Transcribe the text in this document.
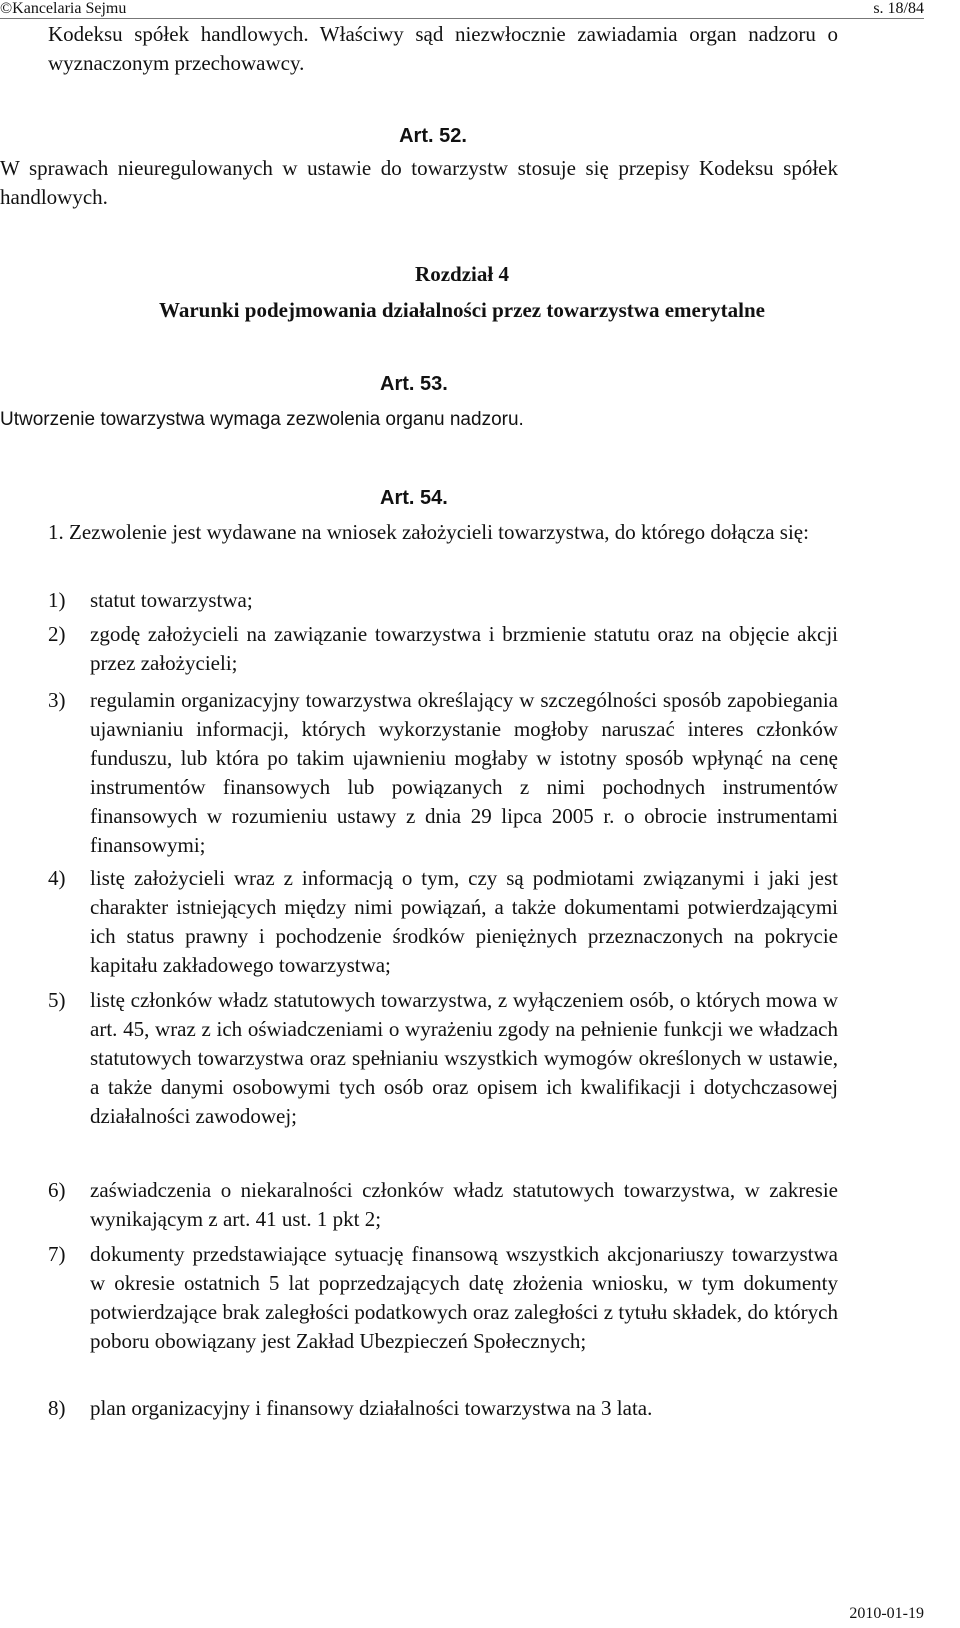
©Kancelaria Sejmu	s. 18/84

Kodeksu spółek handlowych. Właściwy sąd niezwłocznie zawiadamia organ nadzoru o wyznaczonym przechowawcy.

Art. 52.

W sprawach nieuregulowanych w ustawie do towarzystw stosuje się przepisy Kodeksu spółek handlowych.

Rozdział 4
Warunki podejmowania działalności przez towarzystwa emerytalne
Art. 53.

Utworzenie towarzystwa wymaga zezwolenia organu nadzoru.

Art. 54.

1. Zezwolenie jest wydawane na wniosek założycieli towarzystwa, do którego dołącza się:

1)	statut towarzystwa;
2)	zgodę założycieli na zawiązanie towarzystwa i brzmienie statutu oraz na objęcie akcji przez założycieli;
3)	regulamin organizacyjny towarzystwa określający w szczególności sposób zapobiegania ujawnianiu informacji, których wykorzystanie mogłoby naruszać interes członków funduszu, lub która po takim ujawnieniu mogłaby w istotny sposób wpłynąć na cenę instrumentów finansowych lub powiązanych z nimi pochodnych instrumentów finansowych w rozumieniu ustawy z dnia 29 lipca 2005 r. o obrocie instrumentami finansowymi;
4)	listę założycieli wraz z informacją o tym, czy są podmiotami związanymi i jaki jest charakter istniejących między nimi powiązań, a także dokumentami potwierdzającymi ich status prawny i pochodzenie środków pieniężnych przeznaczonych na pokrycie kapitału zakładowego towarzystwa;
5)	listę członków władz statutowych towarzystwa, z wyłączeniem osób, o których mowa w art. 45, wraz z ich oświadczeniami o wyrażeniu zgody na pełnienie funkcji we władzach statutowych towarzystwa oraz spełnianiu wszystkich wymogów określonych w ustawie, a także danymi osobowymi tych osób oraz opisem ich kwalifikacji i dotychczasowej działalności zawodowej;
6)	zaświadczenia o niekaralności członków władz statutowych towarzystwa, w zakresie wynikającym z art. 41 ust. 1 pkt 2;
7)	dokumenty przedstawiające sytuację finansową wszystkich akcjonariuszy towarzystwa w okresie ostatnich 5 lat poprzedzających datę złożenia wniosku, w tym dokumenty potwierdzające brak zaległości podatkowych oraz zaległości z tytułu składek, do których poboru obowiązany jest Zakład Ubezpieczeń Społecznych;
8)	plan organizacyjny i finansowy działalności towarzystwa na 3 lata.
2010-01-19
